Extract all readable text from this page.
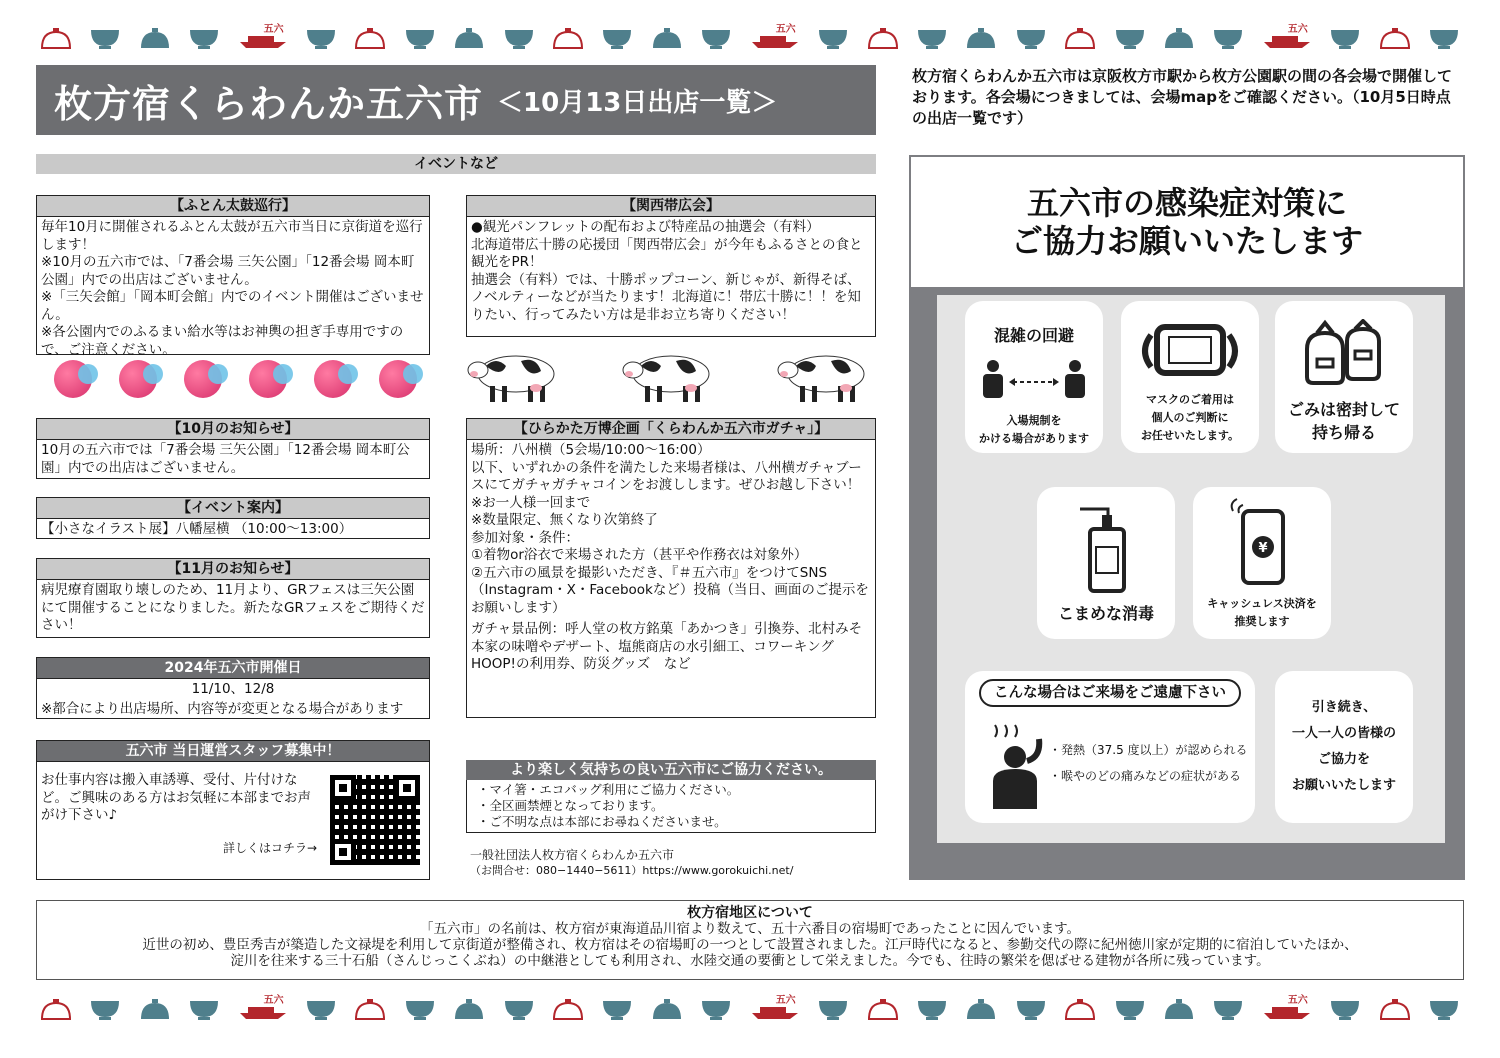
五六	五六	五六
五六	五六	五六
枚方宿くらわんか五六市 ＜10月13日出店一覧＞
枚方宿くらわんか五六市は京阪枚方市駅から枚方公園駅の間の各会場で開催しております。各会場につきましては、会場mapをご確認ください。（10月5日時点の出店一覧です）
イベントなど
【ふとん太鼓巡行】
毎年10月に開催されるふとん太鼓が五六市当日に京街道を巡行します！
※10月の五六市では、「7番会場 三矢公園」「12番会場 岡本町公園」内での出店はございません。
※「三矢会館」「岡本町会館」内でのイベント開催はございません。
※各公園内でのふるまい給水等はお神輿の担ぎ手専用ですので、ご注意ください。
【10月のお知らせ】
10月の五六市では「7番会場 三矢公園」「12番会場 岡本町公園」内での出店はございません。
【イベント案内】
【小さなイラスト展】八幡屋横 （10:00〜13:00）
【11月のお知らせ】
病児療育園取り壊しのため、11月より、GRフェスは三矢公園にて開催することになりました。新たなGRフェスをご期待ください！
2024年五六市開催日
11/10、12/8
※都合により出店場所、内容等が変更となる場合があります
五六市 当日運営スタッフ募集中！
お仕事内容は搬入車誘導、受付、片付けなど。ご興味のある方はお気軽に本部までお声がけ下さい♪
詳しくはコチラ→
【関西帯広会】
●観光パンフレットの配布および特産品の抽選会（有料）
北海道帯広十勝の応援団「関西帯広会」が今年もふるさとの食と観光をPR！
抽選会（有料）では、十勝ポップコーン、新じゃが、新得そば、ノベルティーなどが当たります！北海道に！帯広十勝に！！を知りたい、行ってみたい方は是非お立ち寄りください！
【ひらかた万博企画「くらわんか五六市ガチャ」】
場所：八州横（5会場/10:00〜16:00）
以下、いずれかの条件を満たした来場者様は、八州横ガチャブースにてガチャガチャコインをお渡しします。ぜひお越し下さい！
※お一人様一回まで
※数量限定、無くなり次第終了
参加対象・条件：
①着物or浴衣で来場された方（甚平や作務衣は対象外）
②五六市の風景を撮影いただき、『＃五六市』をつけてSNS（Instagram・X・Facebookなど）投稿（当日、画面のご提示をお願いします）
ガチャ景品例：呼人堂の枚方銘菓「あかつき」引換券、北村みそ本家の味噌やデザート、塩熊商店の水引細工、コワーキングHOOP!の利用券、防災グッズ　など
より楽しく気持ちの良い五六市にご協力ください。
・マイ箸・エコバッグ利用にご協力ください。
・全区画禁煙となっております。
・ご不明な点は本部にお尋ねくださいませ。
一般社団法人枚方宿くらわんか五六市
（お問合せ：080−1440−5611）https://www.gorokuichi.net/
五六市の感染症対策に
ご協力お願いいたします
混雑の回避
入場規制を
かける場合があります
マスクのご着用は
個人のご判断に
お任せいたします。
ごみは密封して
持ち帰る
こまめな消毒
¥
キャッシュレス決済を
推奨します
こんな場合はご来場をご遠慮下さい
・発熱（37.5 度以上）が認められる
・喉やのどの痛みなどの症状がある
引き続き、
一人一人の皆様の
ご協力を
お願いいたします
枚方宿地区について
「五六市」の名前は、枚方宿が東海道品川宿より数えて、五十六番目の宿場町であったことに因んでいます。
近世の初め、豊臣秀吉が築造した文禄堤を利用して京街道が整備され、枚方宿はその宿場町の一つとして設置されました。江戸時代になると、参勤交代の際に紀州徳川家が定期的に宿泊していたほか、
淀川を往来する三十石船（さんじっこくぶね）の中継港としても利用され、水陸交通の要衝として栄えました。今でも、往時の繁栄を偲ばせる建物が各所に残っています。
